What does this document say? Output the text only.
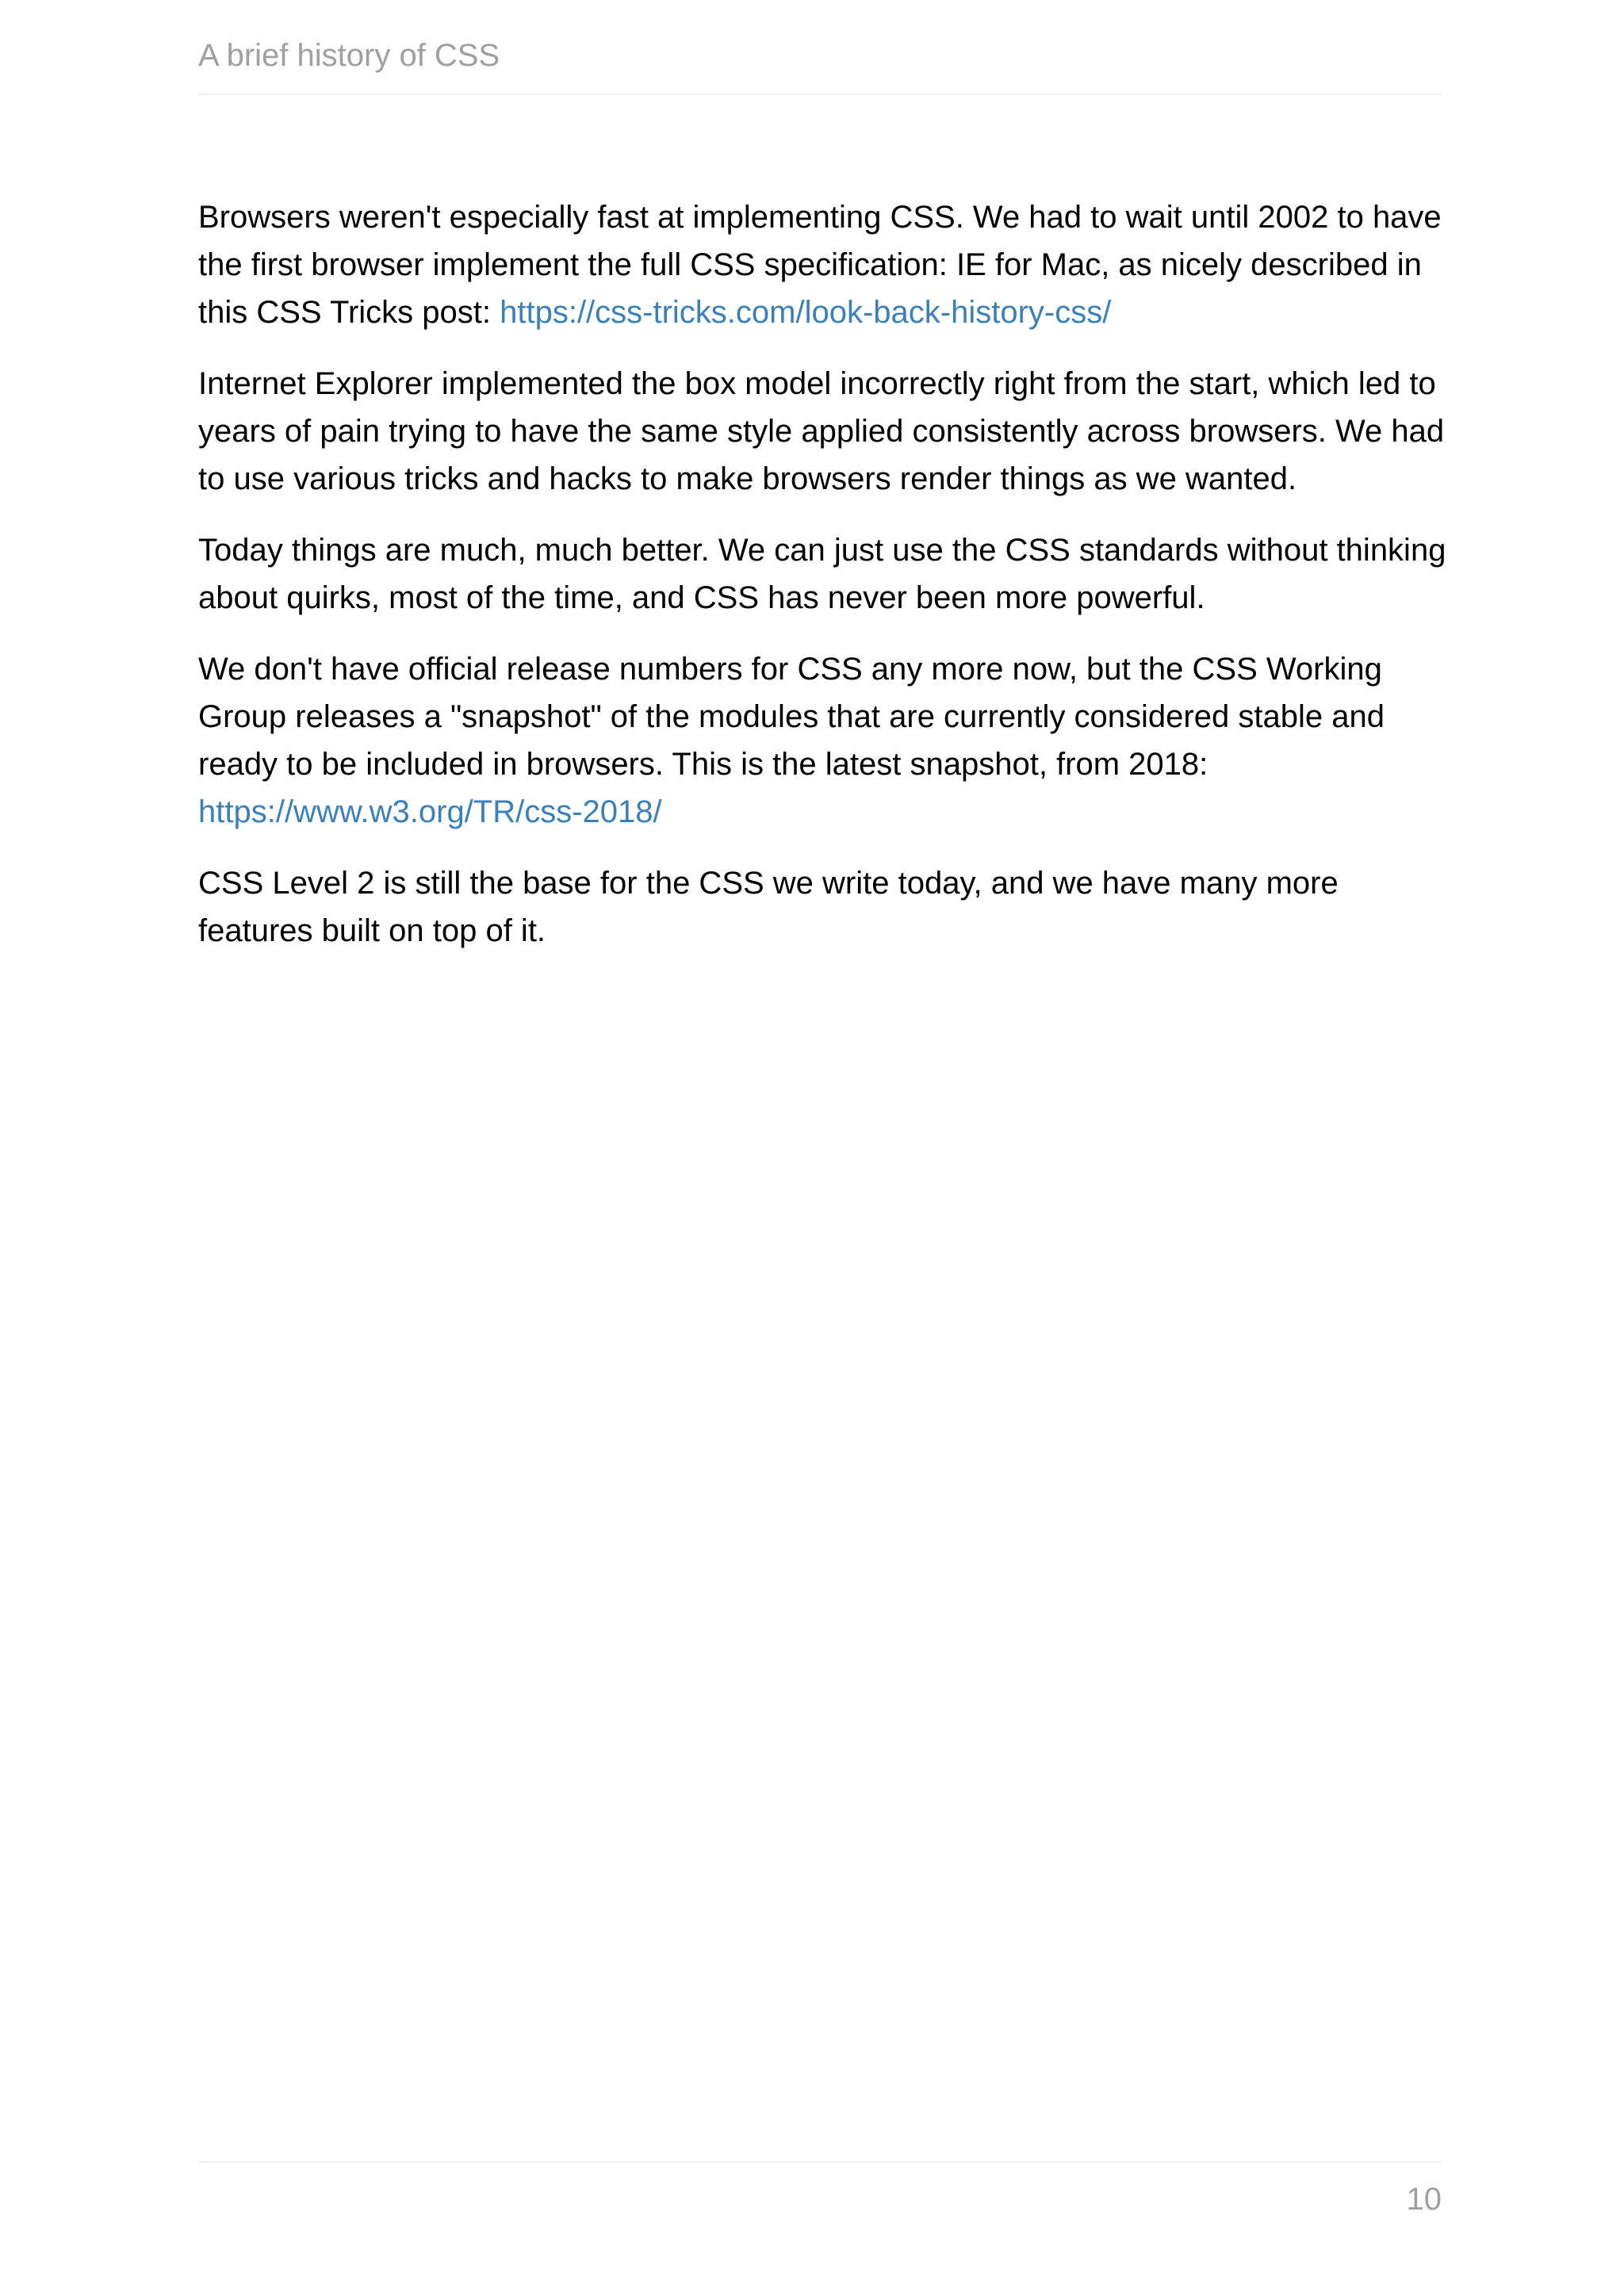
A brief history of CSS

Browsers weren't especially fast at implementing CSS. We had to wait until 2002 to have the first browser implement the full CSS specification: IE for Mac, as nicely described in this CSS Tricks post: https://css-tricks.com/look-back-history-css/

Internet Explorer implemented the box model incorrectly right from the start, which led to years of pain trying to have the same style applied consistently across browsers. We had to use various tricks and hacks to make browsers render things as we wanted.

Today things are much, much better. We can just use the CSS standards without thinking about quirks, most of the time, and CSS has never been more powerful.

We don't have official release numbers for CSS any more now, but the CSS Working Group releases a "snapshot" of the modules that are currently considered stable and ready to be included in browsers. This is the latest snapshot, from 2018: https://www.w3.org/TR/css-2018/

CSS Level 2 is still the base for the CSS we write today, and we have many more features built on top of it.

10
